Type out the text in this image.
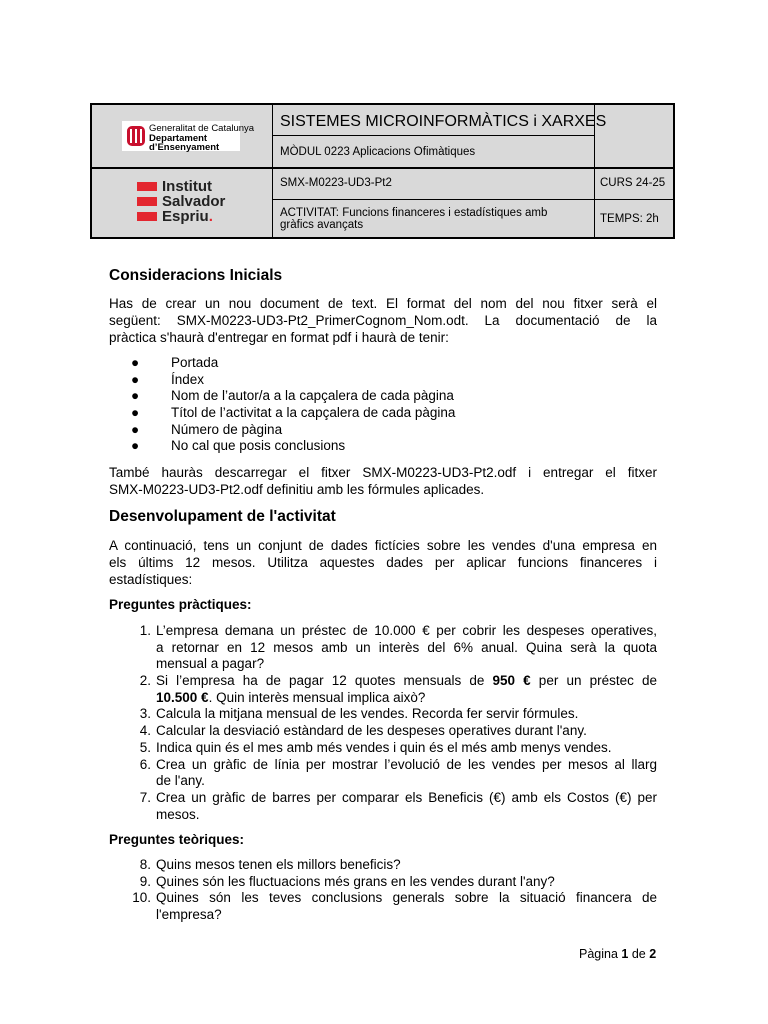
Generalitat de Catalunya
Departament
d’Ensenyament
Institut
Salvador
Espriu.
SISTEMES MICROINFORMÀTICS i XARXES
MÒDUL 0223 Aplicacions Ofimàtiques
SMX-M0223-UD3-Pt2	CURS 24-25
ACTIVITAT: Funcions financeres i estadístiques amb
gràfics avançats	TEMPS: 2h
Consideracions Inicials
Has de crear un nou document de text. El format del nom del nou fitxer serà el
següent: SMX-M0223-UD3-Pt2_PrimerCognom_Nom.odt. La documentació de la
pràctica s'haurà d'entregar en format pdf i haurà de tenir:
● Portada
● Índex
● Nom de l’autor/a a la capçalera de cada pàgina
● Títol de l’activitat a la capçalera de cada pàgina
● Número de pàgina
● No cal que posis conclusions
També hauràs descarregar el fitxer SMX-M0223-UD3-Pt2.odf i entregar el fitxer
SMX-M0223-UD3-Pt2.odf definitiu amb les fórmules aplicades.
Desenvolupament de l'activitat
A continuació, tens un conjunt de dades fictícies sobre les vendes d'una empresa en
els últims 12 mesos. Utilitza aquestes dades per aplicar funcions financeres i
estadístiques:
Preguntes pràctiques:
1. L’empresa demana un préstec de 10.000 € per cobrir les despeses operatives,
a retornar en 12 mesos amb un interès del 6% anual. Quina serà la quota
mensual a pagar?
2. Si l’empresa ha de pagar 12 quotes mensuals de 950 € per un préstec de
10.500 €. Quin interès mensual implica això?
3. Calcula la mitjana mensual de les vendes. Recorda fer servir fórmules.
4. Calcular la desviació estàndard de les despeses operatives durant l'any.
5. Indica quin és el mes amb més vendes i quin és el més amb menys vendes.
6. Crea un gràfic de línia per mostrar l’evolució de les vendes per mesos al llarg
de l'any.
7. Crea un gràfic de barres per comparar els Beneficis (€) amb els Costos (€) per
mesos.
Preguntes teòriques:
8. Quins mesos tenen els millors beneficis?
9. Quines són les fluctuacions més grans en les vendes durant l'any?
10. Quines són les teves conclusions generals sobre la situació financera de
l'empresa?
Pàgina 1 de 2
